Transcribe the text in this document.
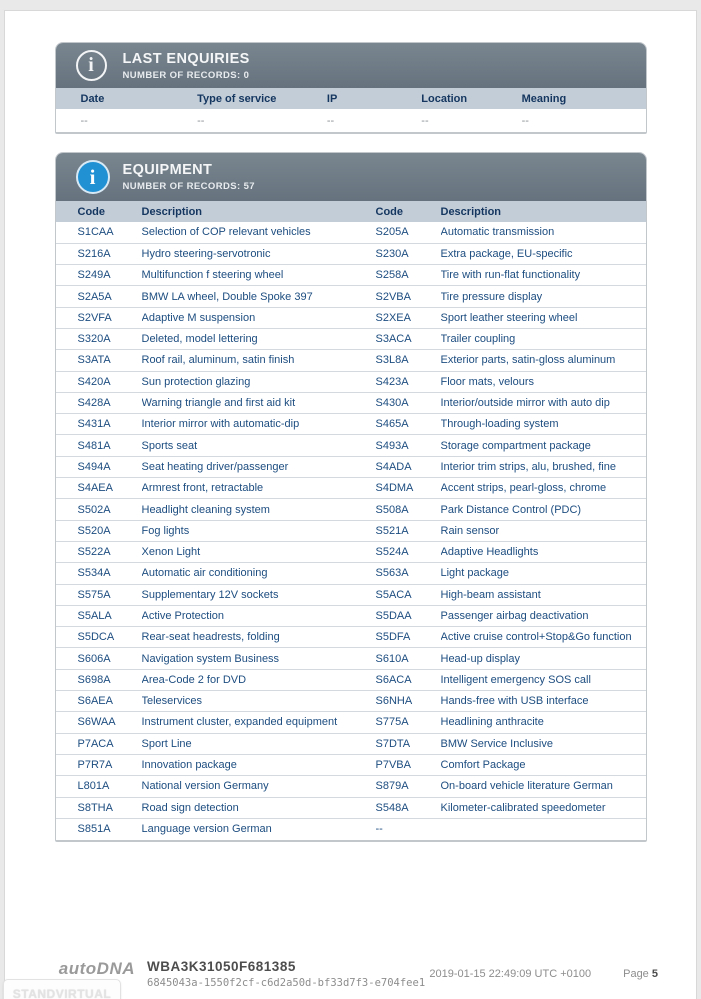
i	LAST ENQUIRIES
NUMBER OF RECORDS: 0
Date	Type of service	IP	Location	Meaning
--	--	--	--	--
i	EQUIPMENT
NUMBER OF RECORDS: 57
Code	Description	Code	Description
S1CAA	Selection of COP relevant vehicles	S205A	Automatic transmission
S216A	Hydro steering-servotronic	S230A	Extra package, EU-specific
S249A	Multifunction f steering wheel	S258A	Tire with run-flat functionality
S2A5A	BMW LA wheel, Double Spoke 397	S2VBA	Tire pressure display
S2VFA	Adaptive M suspension	S2XEA	Sport leather steering wheel
S320A	Deleted, model lettering	S3ACA	Trailer coupling
S3ATA	Roof rail, aluminum, satin finish	S3L8A	Exterior parts, satin-gloss aluminum
S420A	Sun protection glazing	S423A	Floor mats, velours
S428A	Warning triangle and first aid kit	S430A	Interior/outside mirror with auto dip
S431A	Interior mirror with automatic-dip	S465A	Through-loading system
S481A	Sports seat	S493A	Storage compartment package
S494A	Seat heating driver/passenger	S4ADA	Interior trim strips, alu, brushed, fine
S4AEA	Armrest front, retractable	S4DMA	Accent strips, pearl-gloss, chrome
S502A	Headlight cleaning system	S508A	Park Distance Control (PDC)
S520A	Fog lights	S521A	Rain sensor
S522A	Xenon Light	S524A	Adaptive Headlights
S534A	Automatic air conditioning	S563A	Light package
S575A	Supplementary 12V sockets	S5ACA	High-beam assistant
S5ALA	Active Protection	S5DAA	Passenger airbag deactivation
S5DCA	Rear-seat headrests, folding	S5DFA	Active cruise control+Stop&Go function
S606A	Navigation system Business	S610A	Head-up display
S698A	Area-Code 2 for DVD	S6ACA	Intelligent emergency SOS call
S6AEA	Teleservices	S6NHA	Hands-free with USB interface
S6WAA	Instrument cluster, expanded equipment	S775A	Headlining anthracite
P7ACA	Sport Line	S7DTA	BMW Service Inclusive
P7R7A	Innovation package	P7VBA	Comfort Package
L801A	National version Germany	S879A	On-board vehicle literature German
S8THA	Road sign detection	S548A	Kilometer-calibrated speedometer
S851A	Language version German	--	
autoDNA
STANDVIRTUAL
WBA3K31050F681385
6845043a-1550f2cf-c6d2a50d-bf33d7f3-e704fee1
2019-01-15 22:49:09 UTC +0100	Page 5
